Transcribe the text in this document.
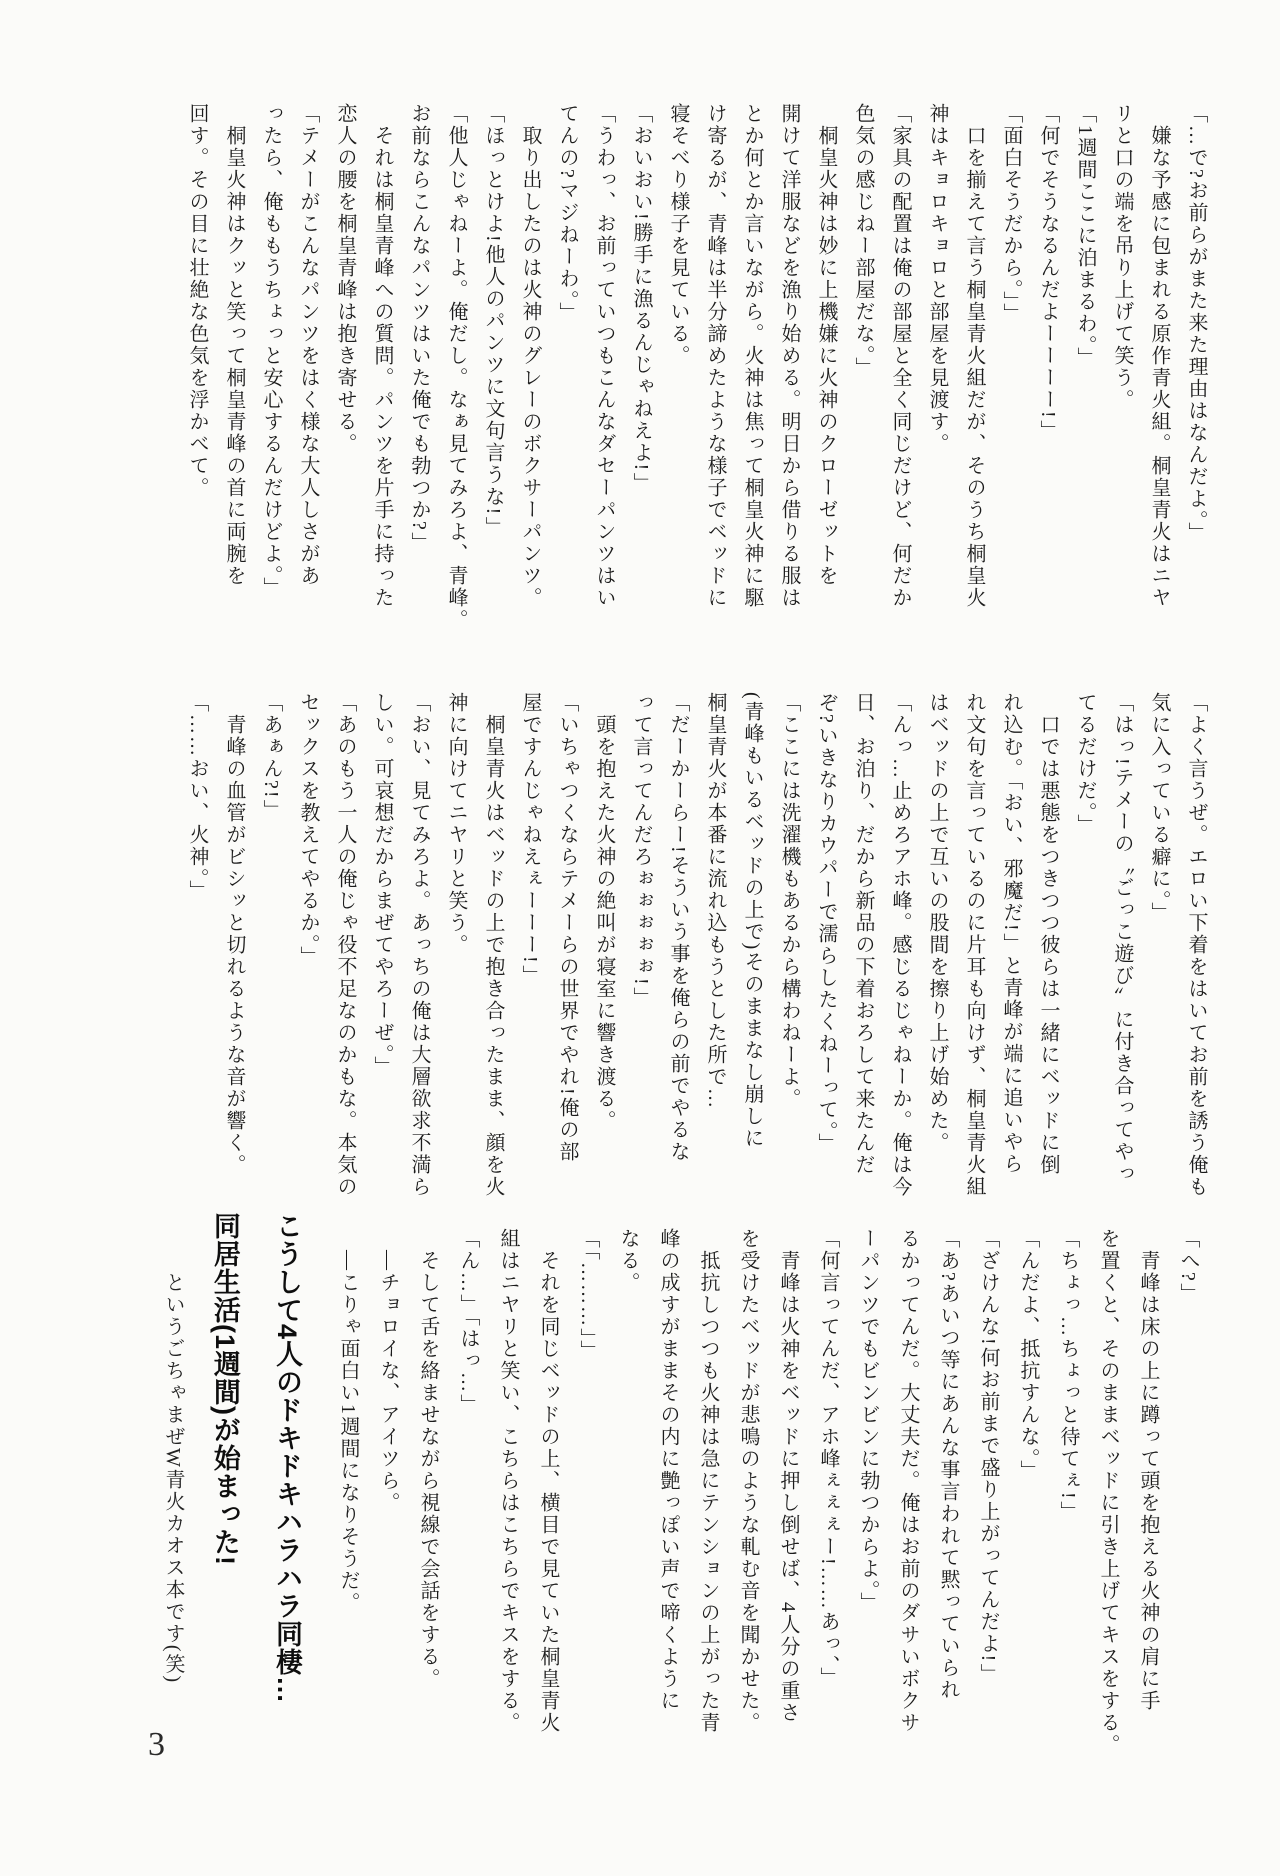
「…で?お前らがまた来た理由はなんだよ。」

　嫌な予感に包まれる原作青火組。桐皇青火はニヤ

リと口の端を吊り上げて笑う。

「1週間ここに泊まるわ。」

「何でそうなるんだよーーーー!」

「面白そうだから。」」

　口を揃えて言う桐皇青火組だが、そのうち桐皇火

神はキョロキョロと部屋を見渡す。

「家具の配置は俺の部屋と全く同じだけど、何だか

色気の感じねー部屋だな。」

　桐皇火神は妙に上機嫌に火神のクローゼットを

開けて洋服などを漁り始める。明日から借りる服は

とか何とか言いながら。火神は焦って桐皇火神に駆

け寄るが、青峰は半分諦めたような様子でベッドに

寝そべり様子を見ている。

「おいおい!勝手に漁るんじゃねえよ!」

「うわっ、お前っていつもこんなダセーパンツはい

てんの?マジねーわ。」

　取り出したのは火神のグレーのボクサーパンツ。

「ほっとけよ!他人のパンツに文句言うな!」

「他人じゃねーよ。俺だし。なぁ見てみろよ、青峰。

お前ならこんなパンツはいた俺でも勃つか?」

　それは桐皇青峰への質問。パンツを片手に持った

恋人の腰を桐皇青峰は抱き寄せる。

「テメーがこんなパンツをはく様な大人しさがあ

ったら、俺ももうちょっと安心するんだけどよ。」

　桐皇火神はクッと笑って桐皇青峰の首に両腕を

回す。その目に壮絶な色気を浮かべて。

「よく言うぜ。エロい下着をはいてお前を誘う俺も

気に入っている癖に。」

「はっ!テメーの〝ごっこ遊び〟に付き合ってやっ

てるだけだ。」

　口では悪態をつきつつ彼らは一緒にベッドに倒

れ込む。「おい、邪魔だ!」と青峰が端に追いやら

れ文句を言っているのに片耳も向けず、桐皇青火組

はベッドの上で互いの股間を擦り上げ始めた。

「んっ…止めろアホ峰。感じるじゃねーか。俺は今

日、お泊り、だから新品の下着おろして来たんだ

ぞ?いきなりカウパーで濡らしたくねーって。」

「ここには洗濯機もあるから構わねーよ。

(青峰もいるベッドの上で)そのままなし崩しに

桐皇青火が本番に流れ込もうとした所で…

「だーかーらー!そういう事を俺らの前でやるな

って言ってんだろぉぉぉぉぉ!」

　頭を抱えた火神の絶叫が寝室に響き渡る。

「いちゃつくならテメーらの世界でやれ!俺の部

屋ですんじゃねえぇーーー!」

　桐皇青火はベッドの上で抱き合ったまま、顔を火

神に向けてニヤリと笑う。

「おい、見てみろよ。あっちの俺は大層欲求不満ら

しい。可哀想だからまぜてやろーぜ。」

「あのもう一人の俺じゃ役不足なのかもな。本気の

セックスを教えてやるか。」

「あぁん?!」

　青峰の血管がビシッと切れるような音が響く。

「……おい、火神。」

「へ?」

　青峰は床の上に蹲って頭を抱える火神の肩に手

を置くと、そのままベッドに引き上げてキスをする。

「ちょっ…ちょっと待てぇ!」

「んだよ、抵抗すんな。」

「ざけんな!何お前まで盛り上がってんだよ!」

「あ?あいつ等にあんな事言われて黙っていられ

るかってんだ。大丈夫だ。俺はお前のダサいボクサ

ーパンツでもビンビンに勃つからよ。」

「何言ってんだ、アホ峰ぇぇぇー!……あっ、」

　青峰は火神をベッドに押し倒せば、4人分の重さ

を受けたベッドが悲鳴のような軋む音を聞かせた。

　抵抗しつつも火神は急にテンションの上がった青

峰の成すがままその内に艶っぽい声で啼くように

なる。

「「………」」

　それを同じベッドの上、横目で見ていた桐皇青火

組はニヤリと笑い、こちらはこちらでキスをする。

「ん…」「はっ…」

　そして舌を絡ませながら視線で会話をする。

　―チョロイな、アイツら。

　―こりゃ面白い1週間になりそうだ。

こうして4人のドキドキハラハラ同棲…

同居生活(1週間)が始まった!

というごちゃまぜW青火カオス本です(笑)

3
